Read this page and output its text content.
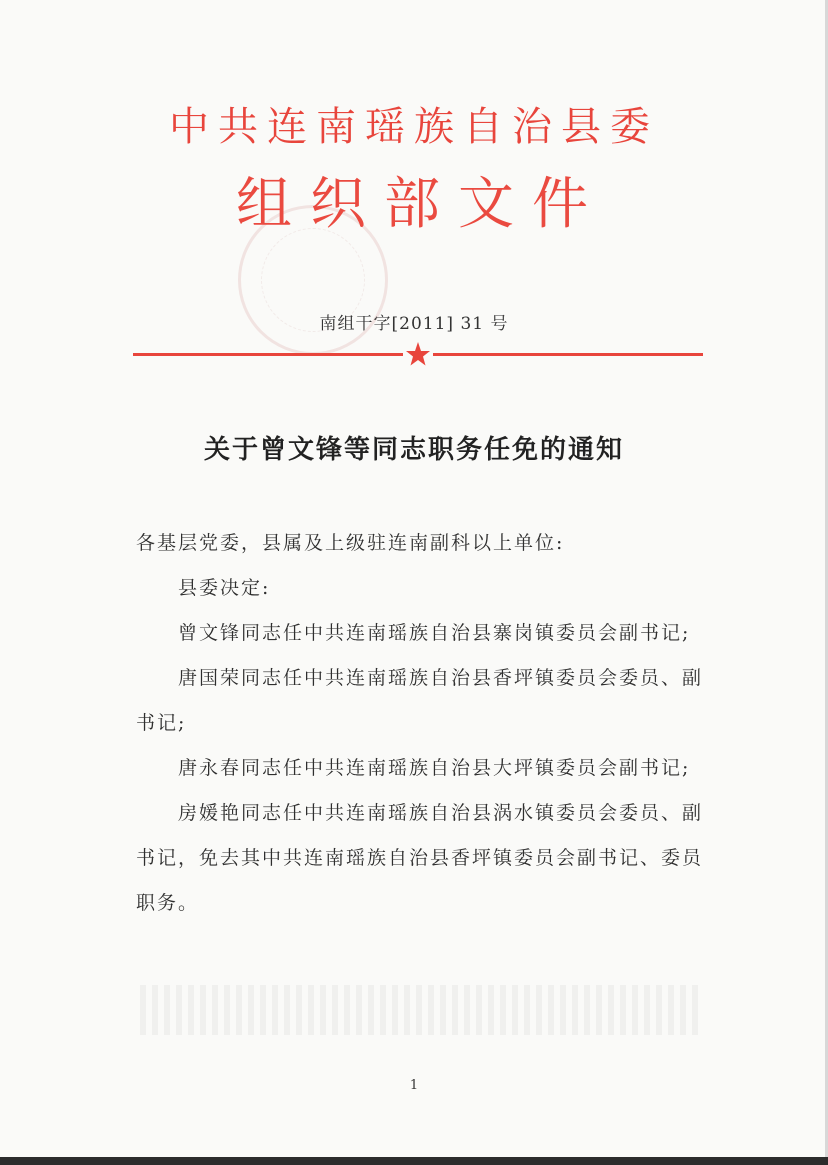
中共连南瑶族自治县委
组织部文件
南组干字[2011] 31 号
关于曾文锋等同志职务任免的通知

各基层党委，县属及上级驻连南副科以上单位:

县委决定:

曾文锋同志任中共连南瑶族自治县寨岗镇委员会副书记;

唐国荣同志任中共连南瑶族自治县香坪镇委员会委员、副书记;

唐永春同志任中共连南瑶族自治县大坪镇委员会副书记;

房媛艳同志任中共连南瑶族自治县涡水镇委员会委员、副书记，免去其中共连南瑶族自治县香坪镇委员会副书记、委员职务。

1
